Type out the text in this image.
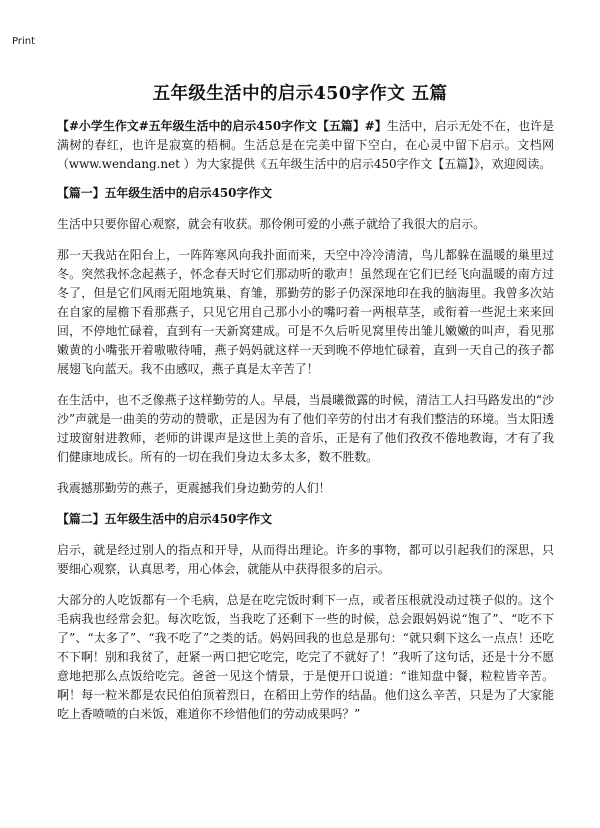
Print
五年级生活中的启示450字作文 五篇

【#小学生作文#五年级生活中的启示450字作文【五篇】#】生活中，启示无处不在，也许是满树的春红，也许是寂寞的梧桐。生活总是在完美中留下空白，在心灵中留下启示。文档网（www.wendang.net ）为大家提供《五年级生活中的启示450字作文【五篇】》，欢迎阅读。

【篇一】五年级生活中的启示450字作文

生活中只要你留心观察，就会有收获。那伶俐可爱的小燕子就给了我很大的启示。

那一天我站在阳台上，一阵阵寒风向我扑面而来，天空中冷冷清清，鸟儿都躲在温暖的巢里过冬。突然我怀念起燕子，怀念春天时它们那动听的歌声！虽然现在它们已经飞向温暖的南方过冬了，但是它们风雨无阻地筑巢、育雏，那勤劳的影子仍深深地印在我的脑海里。我曾多次站在自家的屋檐下看那燕子，只见它用自己那小小的嘴叼着一两根草茎，或衔着一些泥土来来回回，不停地忙碌着，直到有一天新窝建成。可是不久后听见窝里传出雏儿嫩嫩的叫声，看见那嫩黄的小嘴张开着嗷嗷待哺，燕子妈妈就这样一天到晚不停地忙碌着，直到一天自己的孩子都展翅飞向蓝天。我不由感叹，燕子真是太辛苦了！

在生活中，也不乏像燕子这样勤劳的人。早晨，当晨曦微露的时候，清洁工人扫马路发出的“沙沙”声就是一曲美的劳动的赞歌，正是因为有了他们辛劳的付出才有我们整洁的环境。当太阳透过玻窗射进教师，老师的讲课声是这世上美的音乐，正是有了他们孜孜不倦地教诲，才有了我们健康地成长。所有的一切在我们身边太多太多，数不胜数。

我震撼那勤劳的燕子，更震撼我们身边勤劳的人们！

【篇二】五年级生活中的启示450字作文

启示，就是经过别人的指点和开导，从而得出理论。许多的事物，都可以引起我们的深思，只要细心观察，认真思考，用心体会，就能从中获得很多的启示。

大部分的人吃饭都有一个毛病，总是在吃完饭时剩下一点，或者压根就没动过筷子似的。这个毛病我也经常会犯。每次吃饭，当我吃了还剩下一些的时候，总会跟妈妈说“饱了”、“吃不下了”、“太多了”、“我不吃了”之类的话。妈妈回我的也总是那句：“就只剩下这么一点点！还吃不下啊！别和我贫了，赶紧一两口把它吃完，吃完了不就好了！”我听了这句话，还是十分不愿意地把那么点饭给吃完。爸爸一见这个情景，于是便开口说道：“谁知盘中餐，粒粒皆辛苦。啊！每一粒米都是农民伯伯顶着烈日，在稻田上劳作的结晶。他们这么辛苦，只是为了大家能吃上香喷喷的白米饭，难道你不珍惜他们的劳动成果吗？”
